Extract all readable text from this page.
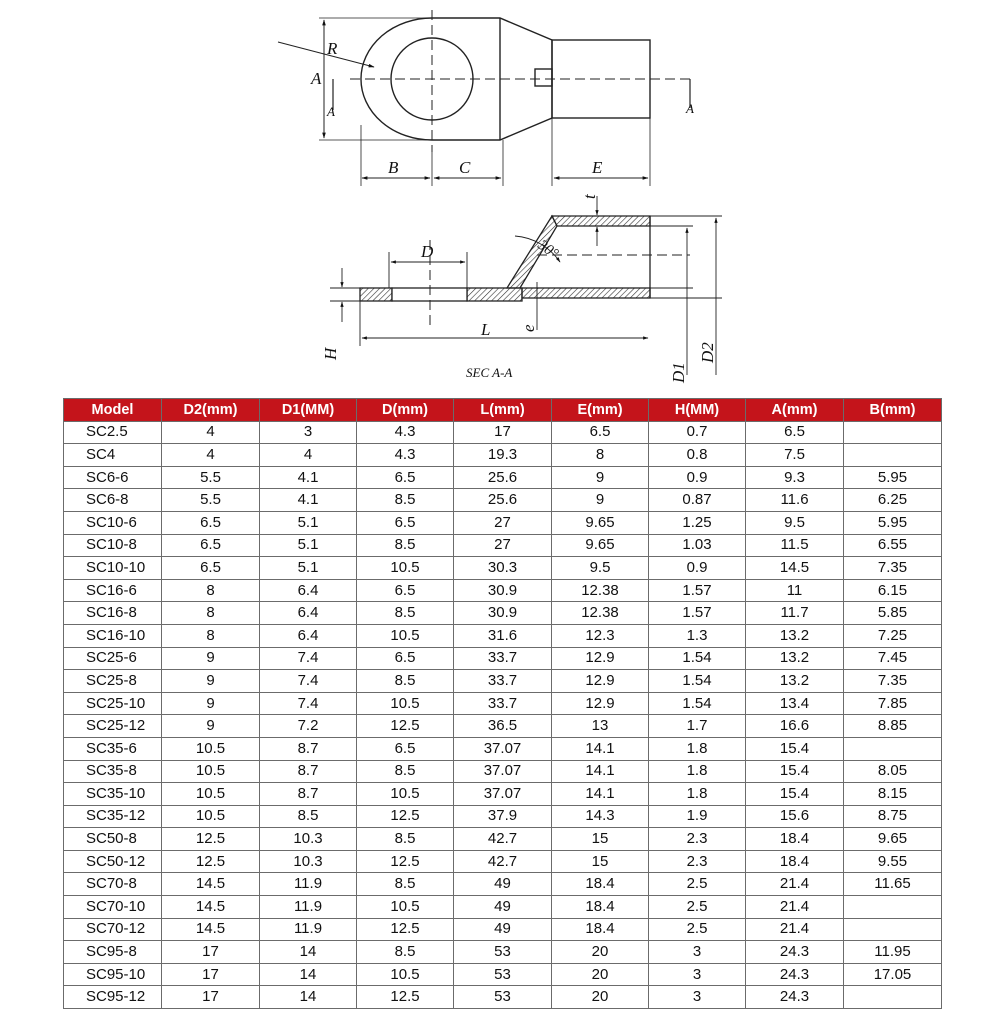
R
A
A	A
B	C	E
D
H
L e
t
30°
D1
D2
SEC A-A
Model	D2(mm)	D1(MM)	D(mm)	L(mm)	E(mm)	H(MM)	A(mm)	B(mm)
SC2.5	4	3	4.3	17	6.5	0.7	6.5	
SC4	4	4	4.3	19.3	8	0.8	7.5	
SC6-6	5.5	4.1	6.5	25.6	9	0.9	9.3	5.95
SC6-8	5.5	4.1	8.5	25.6	9	0.87	11.6	6.25
SC10-6	6.5	5.1	6.5	27	9.65	1.25	9.5	5.95
SC10-8	6.5	5.1	8.5	27	9.65	1.03	11.5	6.55
SC10-10	6.5	5.1	10.5	30.3	9.5	0.9	14.5	7.35
SC16-6	8	6.4	6.5	30.9	12.38	1.57	11	6.15
SC16-8	8	6.4	8.5	30.9	12.38	1.57	11.7	5.85
SC16-10	8	6.4	10.5	31.6	12.3	1.3	13.2	7.25
SC25-6	9	7.4	6.5	33.7	12.9	1.54	13.2	7.45
SC25-8	9	7.4	8.5	33.7	12.9	1.54	13.2	7.35
SC25-10	9	7.4	10.5	33.7	12.9	1.54	13.4	7.85
SC25-12	9	7.2	12.5	36.5	13	1.7	16.6	8.85
SC35-6	10.5	8.7	6.5	37.07	14.1	1.8	15.4	
SC35-8	10.5	8.7	8.5	37.07	14.1	1.8	15.4	8.05
SC35-10	10.5	8.7	10.5	37.07	14.1	1.8	15.4	8.15
SC35-12	10.5	8.5	12.5	37.9	14.3	1.9	15.6	8.75
SC50-8	12.5	10.3	8.5	42.7	15	2.3	18.4	9.65
SC50-12	12.5	10.3	12.5	42.7	15	2.3	18.4	9.55
SC70-8	14.5	11.9	8.5	49	18.4	2.5	21.4	11.65
SC70-10	14.5	11.9	10.5	49	18.4	2.5	21.4	
SC70-12	14.5	11.9	12.5	49	18.4	2.5	21.4	
SC95-8	17	14	8.5	53	20	3	24.3	11.95
SC95-10	17	14	10.5	53	20	3	24.3	17.05
SC95-12	17	14	12.5	53	20	3	24.3	
